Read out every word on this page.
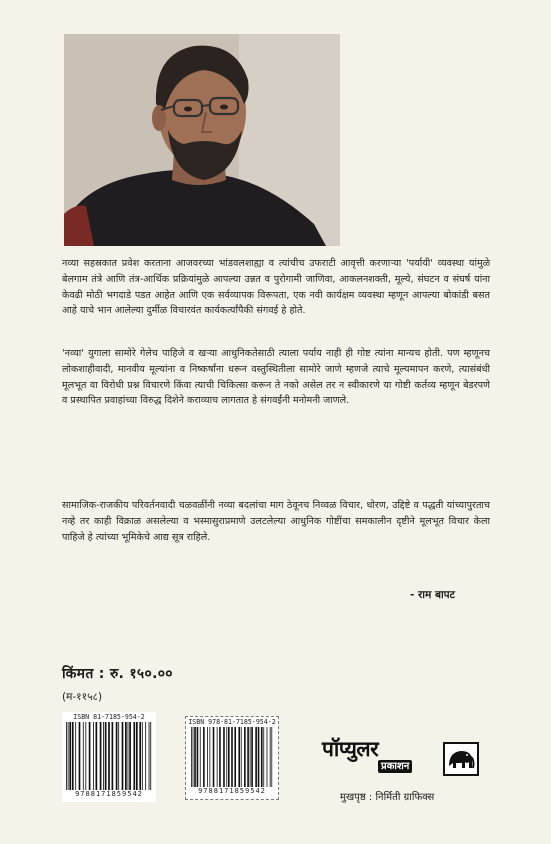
नव्या सहस्रकात प्रवेश करताना आजवरच्या भांडवलशाह्या व त्यांचीच उफराटी आवृत्ती करणाऱ्या 'पर्यायी' व्यवस्था यांमुळे बेलगाम तंत्रे आणि तंत्र-आर्थिक प्रक्रियांमुळे आपल्या उन्नत व पुरोगामी जाणिवा, आकलनशक्ती, मूल्ये, संघटन व संघर्ष यांना केवढी मोठी भगदाडे पडत आहेत आणि एक सर्वव्यापक विरूपता, एक नवी कार्यक्षम व्यवस्था म्हणून आपल्या बोकांडी बसत आहे याचे भान आलेल्या दुर्मीळ विचारवंत कार्यकर्त्यांपैकी संगवई हे होते.

'नव्या' युगाला सामोरे गेलेच पाहिजे व खऱ्या आधुनिकतेसाठी त्याला पर्याय नाही ही गोष्ट त्यांना मान्यच होती. पण म्हणूनच लोकशाहीवादी, मानवीय मूल्यांना व निष्कर्षांना धरून वस्तुस्थितीला सामोरे जाणे म्हणजे त्याचे मूल्यमापन करणे, त्यासंबंधी मूलभूत वा विरोधी प्रश्न विचारणे किंवा त्याची चिकित्सा करून ते नको असेल तर न स्वीकारणे या गोष्टी कर्तव्य म्हणून बेडरपणे व प्रस्थापित प्रवाहांच्या विरुद्ध दिशेने कराव्याच लागतात हे संगवईंनी मनोमनी जाणले.

सामाजिक-राजकीय परिवर्तनवादी चळवळींनी नव्या बदलांचा माग ठेवूनच निव्वळ विचार, धोरण, उद्दिष्टे व पद्धती यांच्यापुरताच नव्हे तर काही विक्राळ असलेल्या व भस्मासुराप्रमाणे उलटलेल्या आधुनिक गोष्टींचा समकालीन दृष्टीने मूलभूत विचार केला पाहिजे हे त्यांच्या भूमिकेचे आद्य सूत्र राहिले.

- राम बापट
किंमत : रु. १५०.००
(म-११५८)
ISBN 81-7185-954-2
9788171859542
ISBN 978-81-7185-954-2
9788171859542
पॉप्युलर
प्रकाशन
मुखपृष्ठ : निर्मिती ग्राफिक्स
